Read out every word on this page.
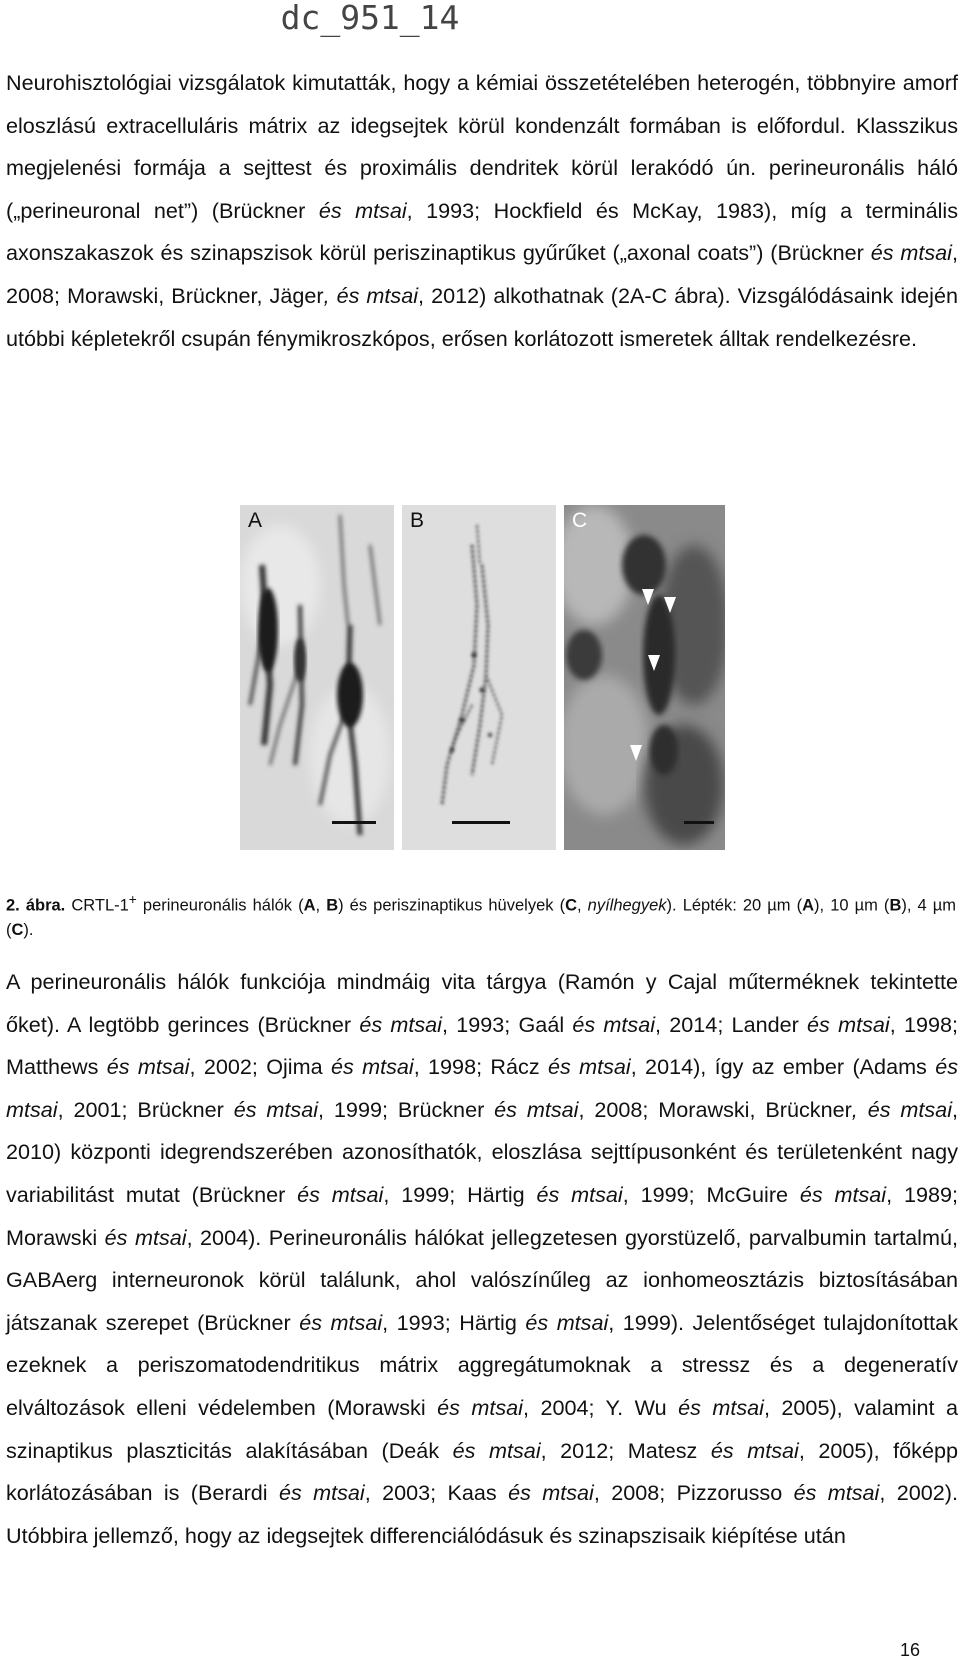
dc_951_14

Neurohisztológiai vizsgálatok kimutatták, hogy a kémiai összetételében heterogén, többnyire amorf eloszlású extracelluláris mátrix az idegsejtek körül kondenzált formában is előfordul. Klasszikus megjelenési formája a sejttest és proximális dendritek körül lerakódó ún. perineuronális háló („perineuronal net”) (Brückner és mtsai, 1993; Hockfield és McKay, 1983), míg a terminális axonszakaszok és szinapszisok körül periszinaptikus gyűrűket („axonal coats”) (Brückner és mtsai, 2008; Morawski, Brückner, Jäger, és mtsai, 2012) alkothatnak (2A-C ábra). Vizsgálódásaink idején utóbbi képletekről csupán fénymikroszkópos, erősen korlátozott ismeretek álltak rendelkezésre.

A	B	C

2. ábra. CRTL-1+ perineuronális hálók (A, B) és periszinaptikus hüvelyek (C, nyílhegyek). Lépték: 20 µm (A), 10 µm (B), 4 µm (C).

A perineuronális hálók funkciója mindmáig vita tárgya (Ramón y Cajal műterméknek tekintette őket). A legtöbb gerinces (Brückner és mtsai, 1993; Gaál és mtsai, 2014; Lander és mtsai, 1998; Matthews és mtsai, 2002; Ojima és mtsai, 1998; Rácz és mtsai, 2014), így az ember (Adams és mtsai, 2001; Brückner és mtsai, 1999; Brückner és mtsai, 2008; Morawski, Brückner, és mtsai, 2010) központi idegrendszerében azonosíthatók, eloszlása sejttípusonként és területenként nagy variabilitást mutat (Brückner és mtsai, 1999; Härtig és mtsai, 1999; McGuire és mtsai, 1989; Morawski és mtsai, 2004). Perineuronális hálókat jellegzetesen gyorstüzelő, parvalbumin tartalmú, GABAerg interneuronok körül találunk, ahol valószínűleg az ionhomeosztázis biztosításában játszanak szerepet (Brückner és mtsai, 1993; Härtig és mtsai, 1999). Jelentőséget tulajdonítottak ezeknek a periszomatodendritikus mátrix aggregátumoknak a stressz és a degeneratív elváltozások elleni védelemben (Morawski és mtsai, 2004; Y. Wu és mtsai, 2005), valamint a szinaptikus plaszticitás alakításában (Deák és mtsai, 2012; Matesz és mtsai, 2005), főképp korlátozásában is (Berardi és mtsai, 2003; Kaas és mtsai, 2008; Pizzorusso és mtsai, 2002). Utóbbira jellemző, hogy az idegsejtek differenciálódásuk és szinapszisaik kiépítése után

16
